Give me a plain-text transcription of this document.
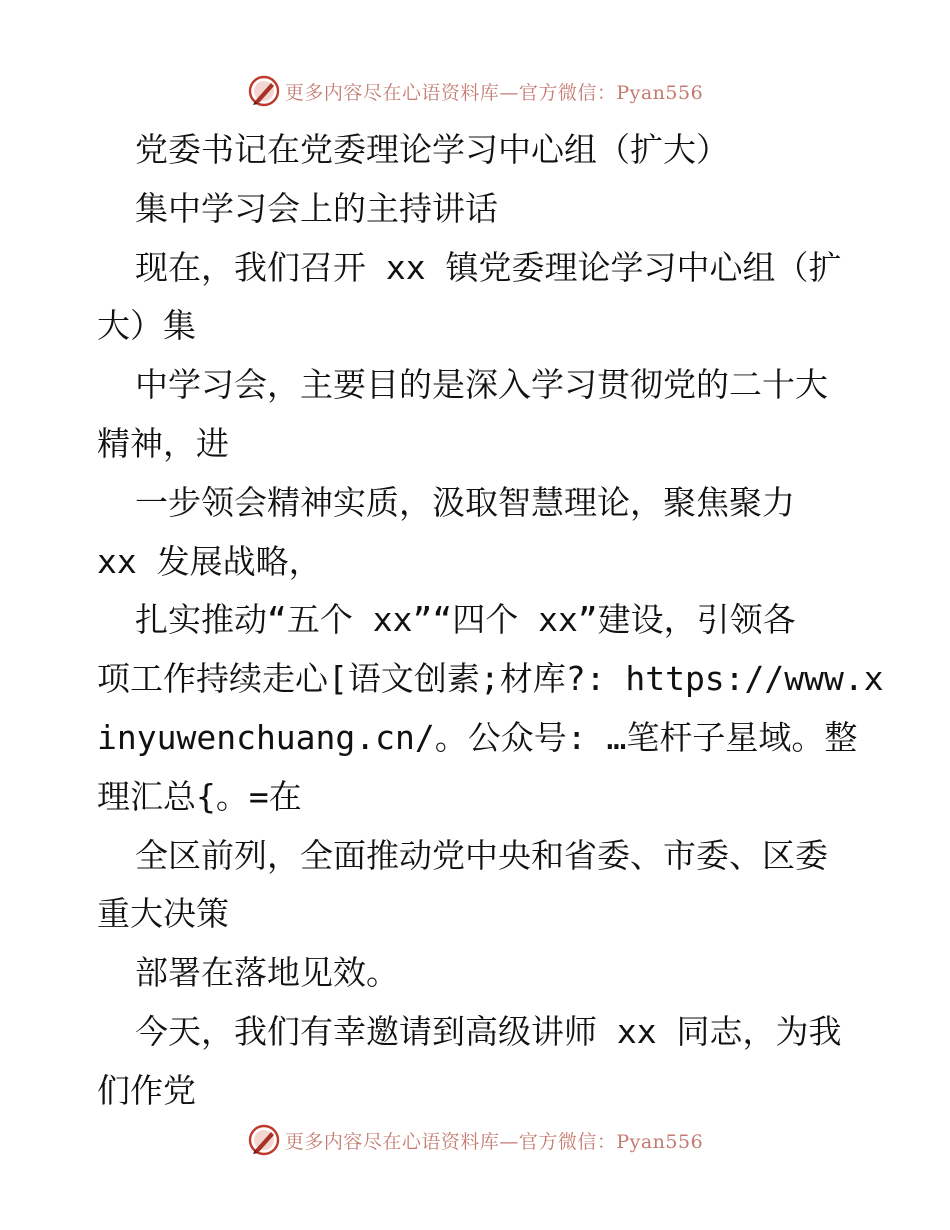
更多内容尽在心语资料库—官方微信：Pyan556
党委书记在党委理论学习中心组（扩大）
集中学习会上的主持讲话
现在，我们召开 xx 镇党委理论学习中心组（扩
大）集
中学习会，主要目的是深入学习贯彻党的二十大
精神，进
一步领会精神实质，汲取智慧理论，聚焦聚力
xx 发展战略，
扎实推动“五个 xx”“四个 xx”建设，引领各
项工作持续走心[语文创素;材库?: https://www.x
inyuwenchuang.cn/。公众号: …笔杆子星域。整
理汇总{。=在
全区前列，全面推动党中央和省委、市委、区委
重大决策
部署在落地见效。
今天，我们有幸邀请到高级讲师 xx 同志，为我
们作党
更多内容尽在心语资料库—官方微信：Pyan556
